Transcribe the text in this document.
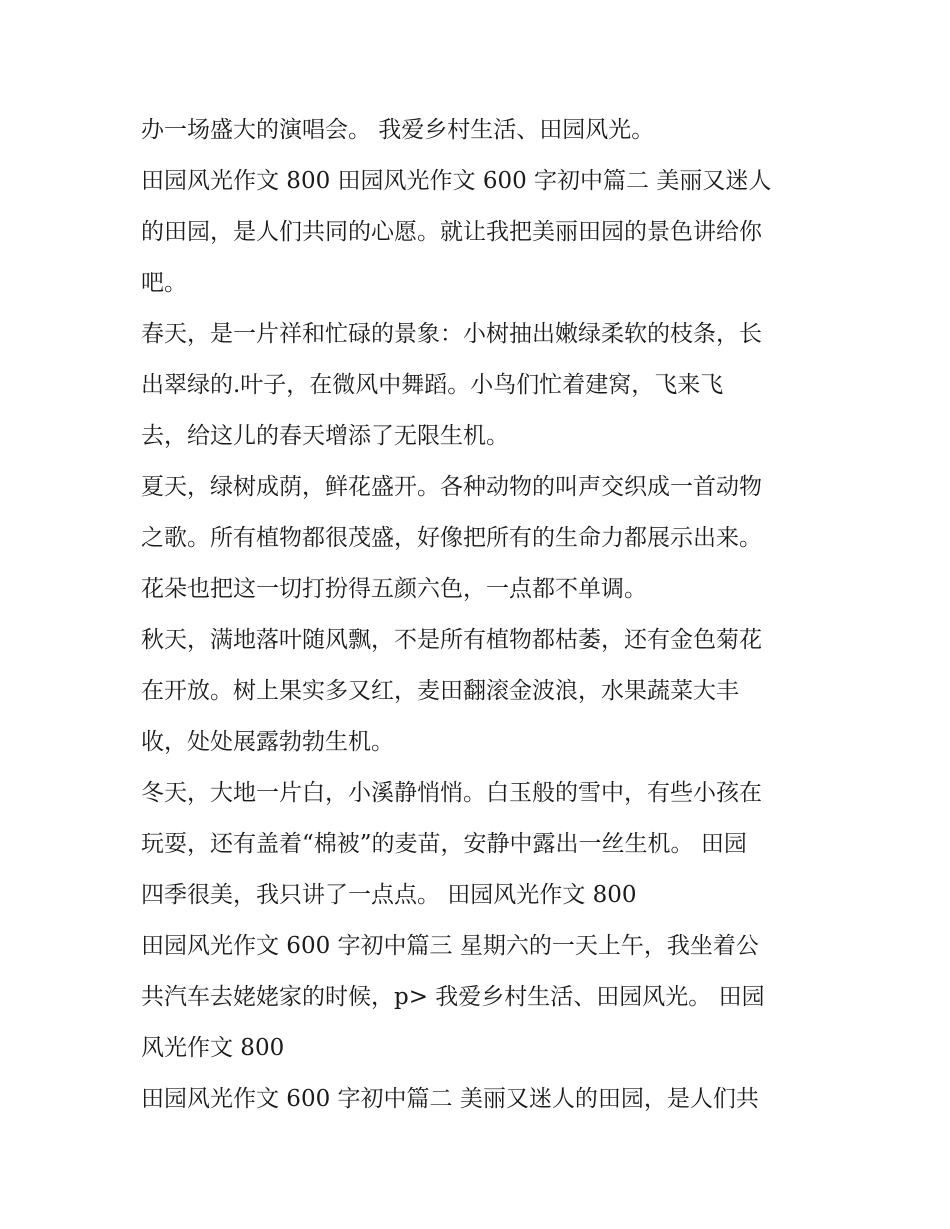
办一场盛大的演唱会。 我爱乡村生活、田园风光。
田园风光作文 800 田园风光作文 600 字初中篇二 美丽又迷人
的田园，是人们共同的心愿。就让我把美丽田园的景色讲给你
吧。
春天，是一片祥和忙碌的景象：小树抽出嫩绿柔软的枝条，长
出翠绿的.叶子，在微风中舞蹈。小鸟们忙着建窝，飞来飞
去，给这儿的春天增添了无限生机。
夏天，绿树成荫，鲜花盛开。各种动物的叫声交织成一首动物
之歌。所有植物都很茂盛，好像把所有的生命力都展示出来。
花朵也把这一切打扮得五颜六色，一点都不单调。
秋天，满地落叶随风飘，不是所有植物都枯萎，还有金色菊花
在开放。树上果实多又红，麦田翻滚金波浪，水果蔬菜大丰
收，处处展露勃勃生机。
冬天，大地一片白，小溪静悄悄。白玉般的雪中，有些小孩在
玩耍，还有盖着“棉被”的麦苗，安静中露出一丝生机。 田园
四季很美，我只讲了一点点。 田园风光作文 800
田园风光作文 600 字初中篇三 星期六的一天上午，我坐着公
共汽车去姥姥家的时候，p> 我爱乡村生活、田园风光。 田园
风光作文 800
田园风光作文 600 字初中篇二 美丽又迷人的田园，是人们共
